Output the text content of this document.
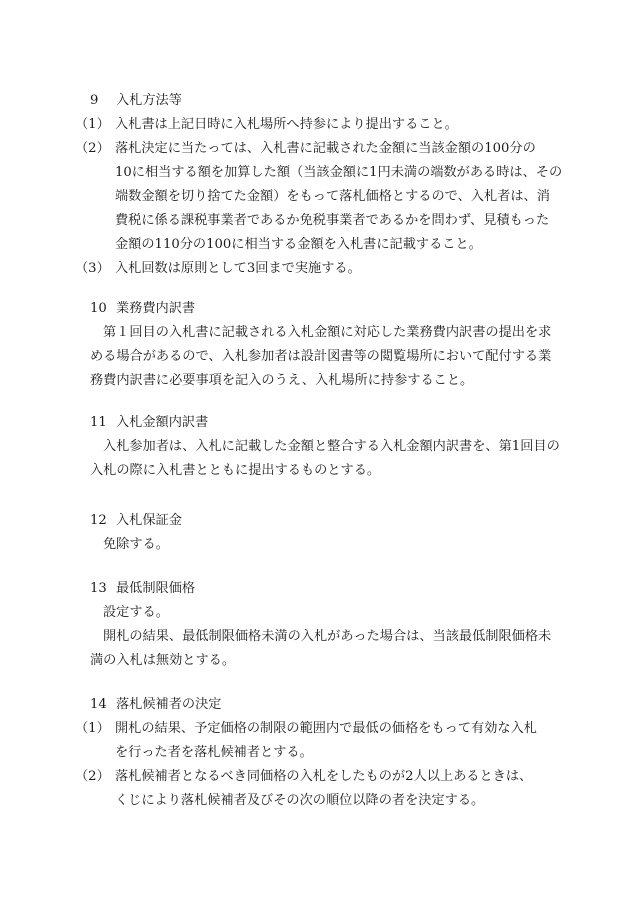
9 入札方法等
（1） 入札書は上記日時に入札場所へ持参により提出すること。
（2） 落札決定に当たっては、入札書に記載された金額に当該金額の100分の
10に相当する額を加算した額（当該金額に1円未満の端数がある時は、その
端数金額を切り捨てた金額）をもって落札価格とするので、入札者は、消
費税に係る課税事業者であるか免税事業者であるかを問わず、見積もった
金額の110分の100に相当する金額を入札書に記載すること。
（3） 入札回数は原則として3回まで実施する。
10 業務費内訳書
第１回目の入札書に記載される入札金額に対応した業務費内訳書の提出を求
める場合があるので、入札参加者は設計図書等の閲覧場所において配付する業
務費内訳書に必要事項を記入のうえ、入札場所に持参すること。
11 入札金額内訳書
入札参加者は、入札に記載した金額と整合する入札金額内訳書を、第1回目の
入札の際に入札書とともに提出するものとする。
12 入札保証金
免除する。
13 最低制限価格
設定する。
開札の結果、最低制限価格未満の入札があった場合は、当該最低制限価格未
満の入札は無効とする。
14 落札候補者の決定
（1） 開札の結果、予定価格の制限の範囲内で最低の価格をもって有効な入札
を行った者を落札候補者とする。
（2） 落札候補者となるべき同価格の入札をしたものが2人以上あるときは、
くじにより落札候補者及びその次の順位以降の者を決定する。
